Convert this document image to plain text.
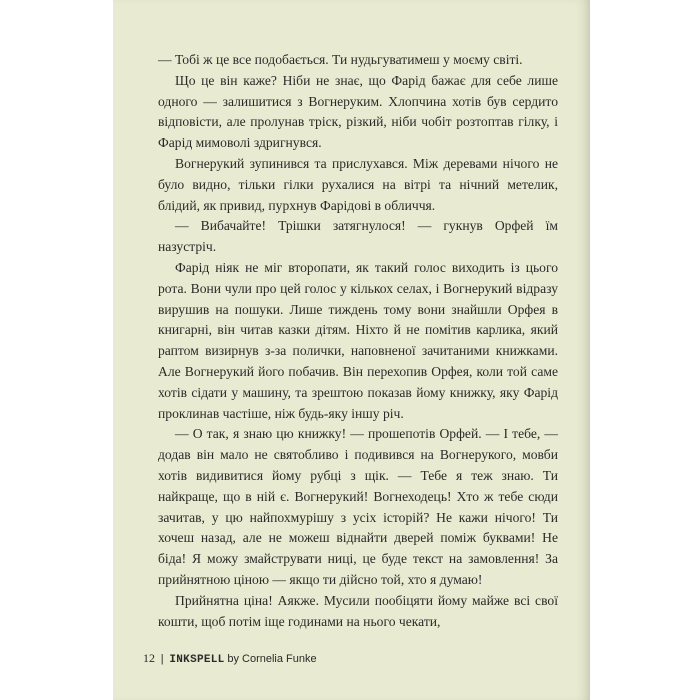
— Тобі ж це все подобається. Ти нудьгуватимеш у моєму світі.

Що це він каже? Ніби не знає, що Фарід бажає для себе лише одного — залишитися з Вогнеруким. Хлопчина хотів був сердито відповісти, але пролунав тріск, різкий, ніби чобіт розтоптав гілку, і Фарід мимоволі здригнувся.

Вогнерукий зупинився та прислухався. Між деревами нічого не було видно, тільки гілки рухалися на вітрі та нічний метелик, блідий, як привид, пурхнув Фарідові в обличчя.

— Вибачайте! Трішки затягнулося! — гукнув Орфей їм назустріч.

Фарід ніяк не міг второпати, як такий голос виходить із цього рота. Вони чули про цей голос у кількох селах, і Вогнерукий відразу вирушив на пошуки. Лише тиждень тому вони знайшли Орфея в книгарні, він читав казки дітям. Ніхто й не помітив карлика, який раптом визирнув з-за полички, наповненої зачитаними книжками. Але Вогнерукий його побачив. Він перехопив Орфея, коли той саме хотів сідати у машину, та зрештою показав йому книжку, яку Фарід проклинав частіше, ніж будь-яку іншу річ.

— О так, я знаю цю книжку! — прошепотів Орфей. — І тебе, — додав він мало не святобливо і подивився на Вогнерукого, мовби хотів видивитися йому рубці з щік. — Тебе я теж знаю. Ти найкраще, що в ній є. Вогнерукий! Вогнеходець! Хто ж тебе сюди зачитав, у цю найпохмурішу з усіх історій? Не кажи нічого! Ти хочеш назад, але не можеш віднайти дверей поміж буквами! Не біда! Я можу змайструвати ниці, це буде текст на замовлення! За прийнятною ціною — якщо ти дійсно той, хто я думаю!

Прийнятна ціна! Аякже. Мусили пообіцяти йому майже всі свої кошти, щоб потім іще годинами на нього чекати,

12 | INKSPELL by Cornelia Funke
